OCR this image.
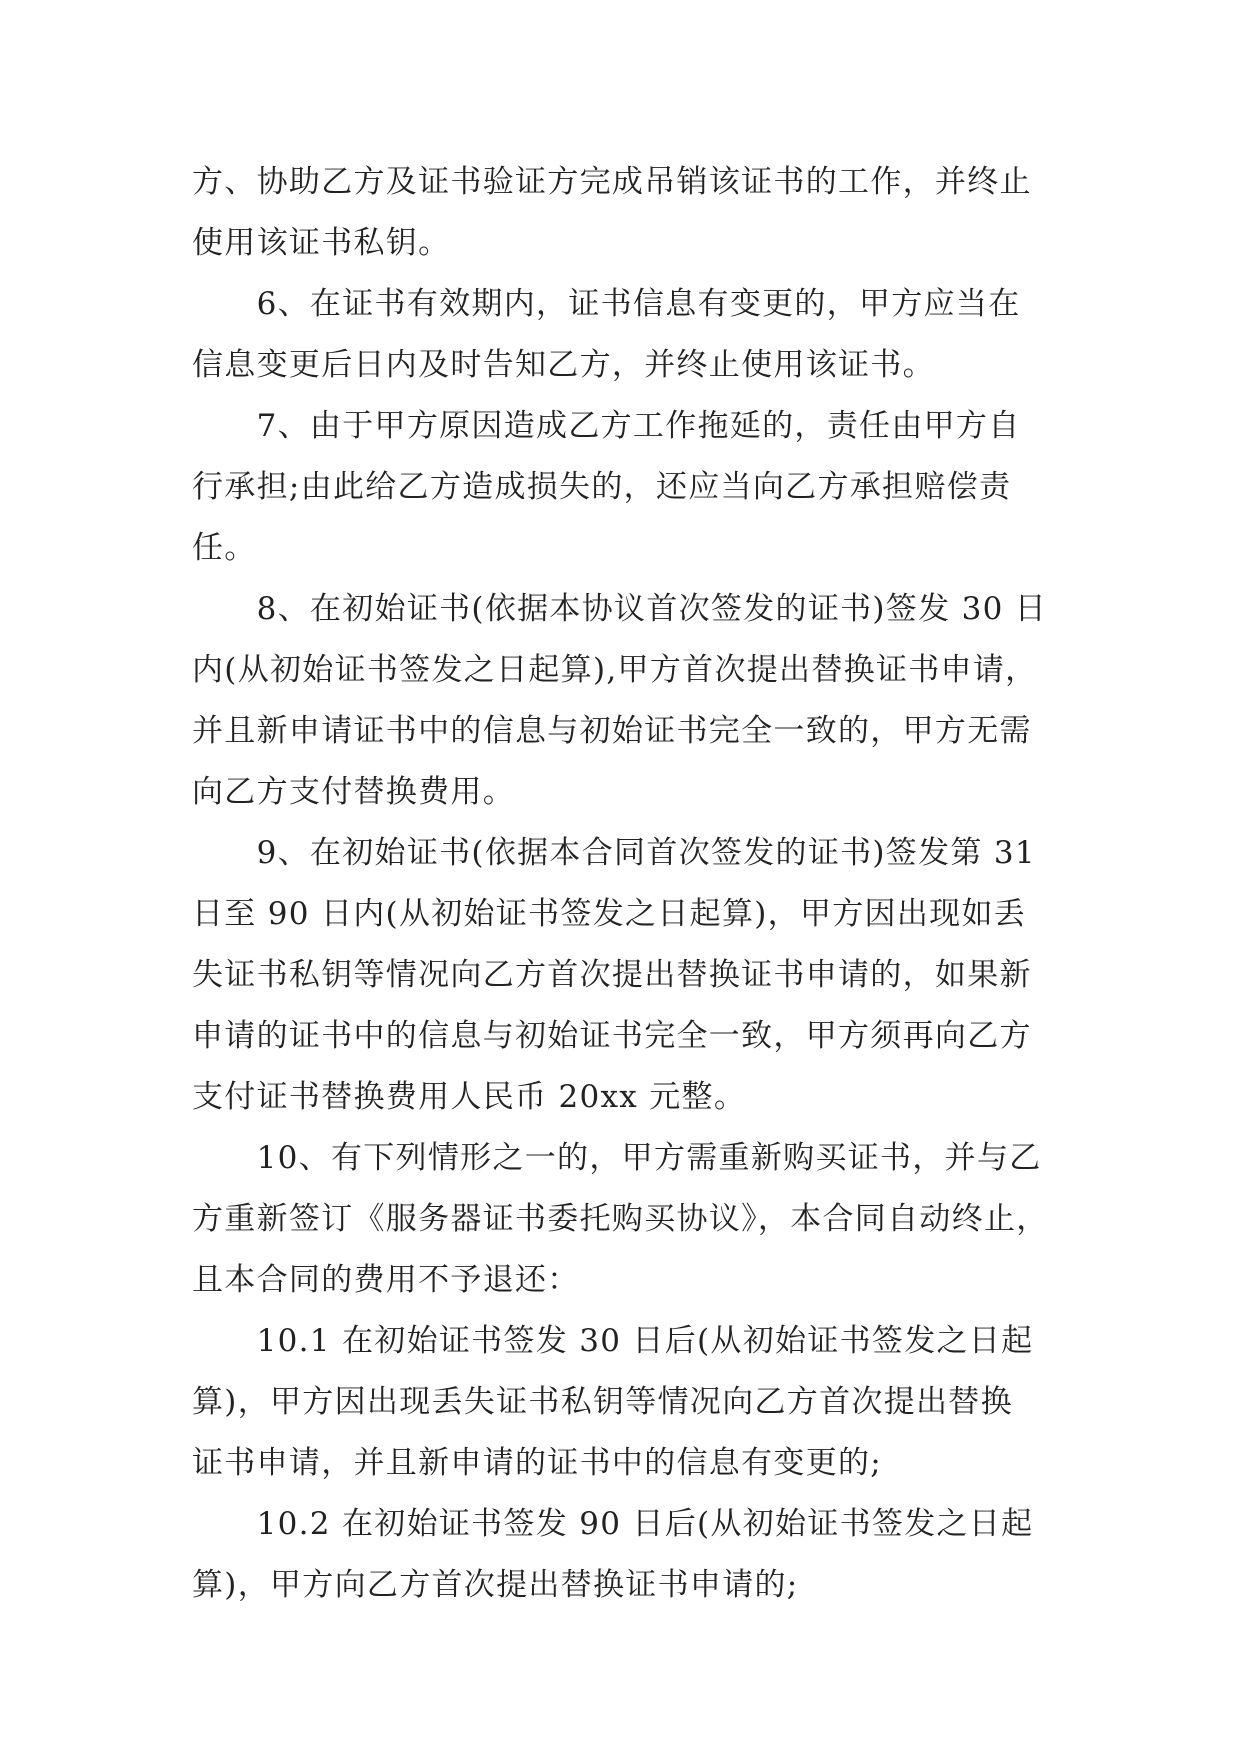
方、协助乙方及证书验证方完成吊销该证书的工作，并终止
使用该证书私钥。
　　6、在证书有效期内，证书信息有变更的，甲方应当在
信息变更后日内及时告知乙方，并终止使用该证书。
　　7、由于甲方原因造成乙方工作拖延的，责任由甲方自
行承担;由此给乙方造成损失的，还应当向乙方承担赔偿责
任。
　　8、在初始证书(依据本协议首次签发的证书)签发 30 日
内(从初始证书签发之日起算),甲方首次提出替换证书申请，
并且新申请证书中的信息与初始证书完全一致的，甲方无需
向乙方支付替换费用。
　　9、在初始证书(依据本合同首次签发的证书)签发第 31
日至 90 日内(从初始证书签发之日起算)，甲方因出现如丢
失证书私钥等情况向乙方首次提出替换证书申请的，如果新
申请的证书中的信息与初始证书完全一致，甲方须再向乙方
支付证书替换费用人民币 20xx 元整。
　　10、有下列情形之一的，甲方需重新购买证书，并与乙
方重新签订《服务器证书委托购买协议》，本合同自动终止，
且本合同的费用不予退还：
　　10.1 在初始证书签发 30 日后(从初始证书签发之日起
算)，甲方因出现丢失证书私钥等情况向乙方首次提出替换
证书申请，并且新申请的证书中的信息有变更的;
　　10.2 在初始证书签发 90 日后(从初始证书签发之日起
算)，甲方向乙方首次提出替换证书申请的;
